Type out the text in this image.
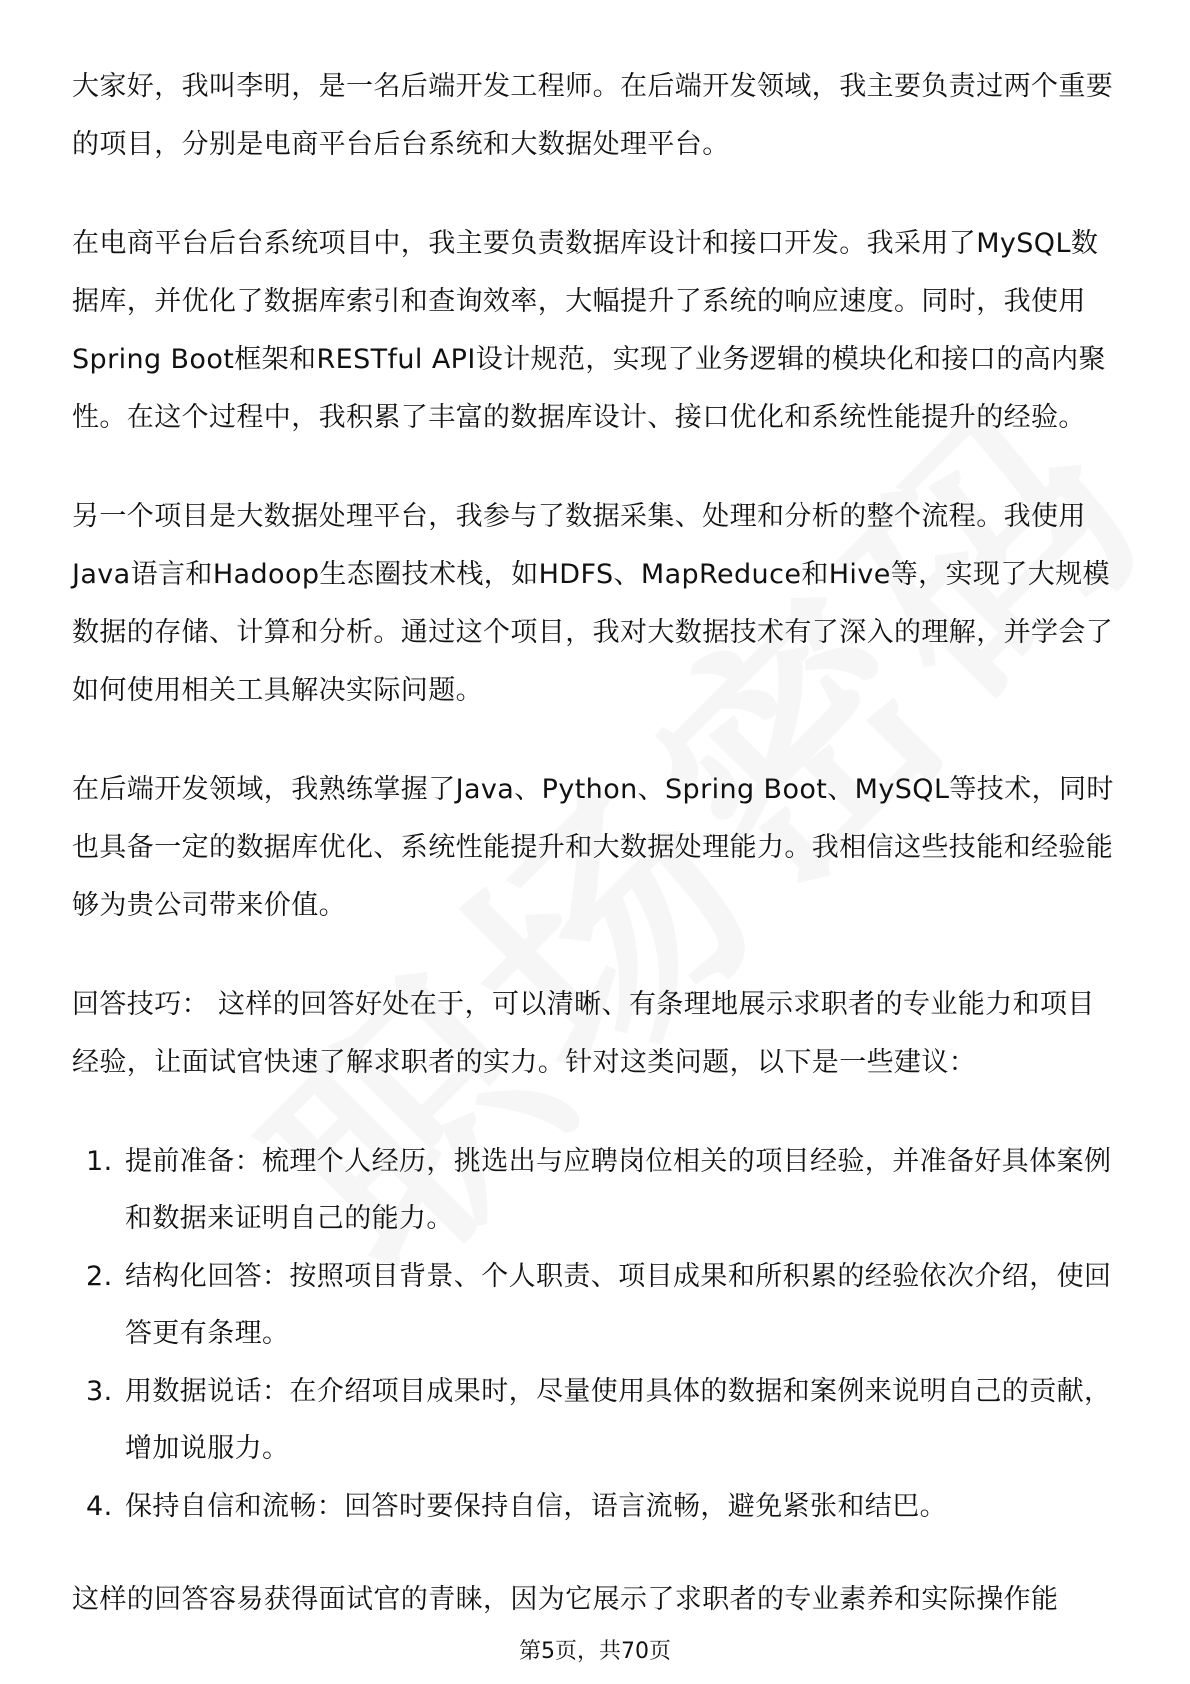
大家好，我叫李明，是一名后端开发工程师。在后端开发领域，我主要负责过两个重要的项目，分别是电商平台后台系统和大数据处理平台。

在电商平台后台系统项目中，我主要负责数据库设计和接口开发。我采用了MySQL数据库，并优化了数据库索引和查询效率，大幅提升了系统的响应速度。同时，我使用Spring Boot框架和RESTful API设计规范，实现了业务逻辑的模块化和接口的高内聚性。在这个过程中，我积累了丰富的数据库设计、接口优化和系统性能提升的经验。

另一个项目是大数据处理平台，我参与了数据采集、处理和分析的整个流程。我使用Java语言和Hadoop生态圈技术栈，如HDFS、MapReduce和Hive等，实现了大规模数据的存储、计算和分析。通过这个项目，我对大数据技术有了深入的理解，并学会了如何使用相关工具解决实际问题。

在后端开发领域，我熟练掌握了Java、Python、Spring Boot、MySQL等技术，同时也具备一定的数据库优化、系统性能提升和大数据处理能力。我相信这些技能和经验能够为贵公司带来价值。

回答技巧： 这样的回答好处在于，可以清晰、有条理地展示求职者的专业能力和项目经验，让面试官快速了解求职者的实力。针对这类问题，以下是一些建议：

1. 提前准备：梳理个人经历，挑选出与应聘岗位相关的项目经验，并准备好具体案例和数据来证明自己的能力。
2. 结构化回答：按照项目背景、个人职责、项目成果和所积累的经验依次介绍，使回答更有条理。
3. 用数据说话：在介绍项目成果时，尽量使用具体的数据和案例来说明自己的贡献，增加说服力。
4. 保持自信和流畅：回答时要保持自信，语言流畅，避免紧张和结巴。

这样的回答容易获得面试官的青睐，因为它展示了求职者的专业素养和实际操作能

第5页，共70页
